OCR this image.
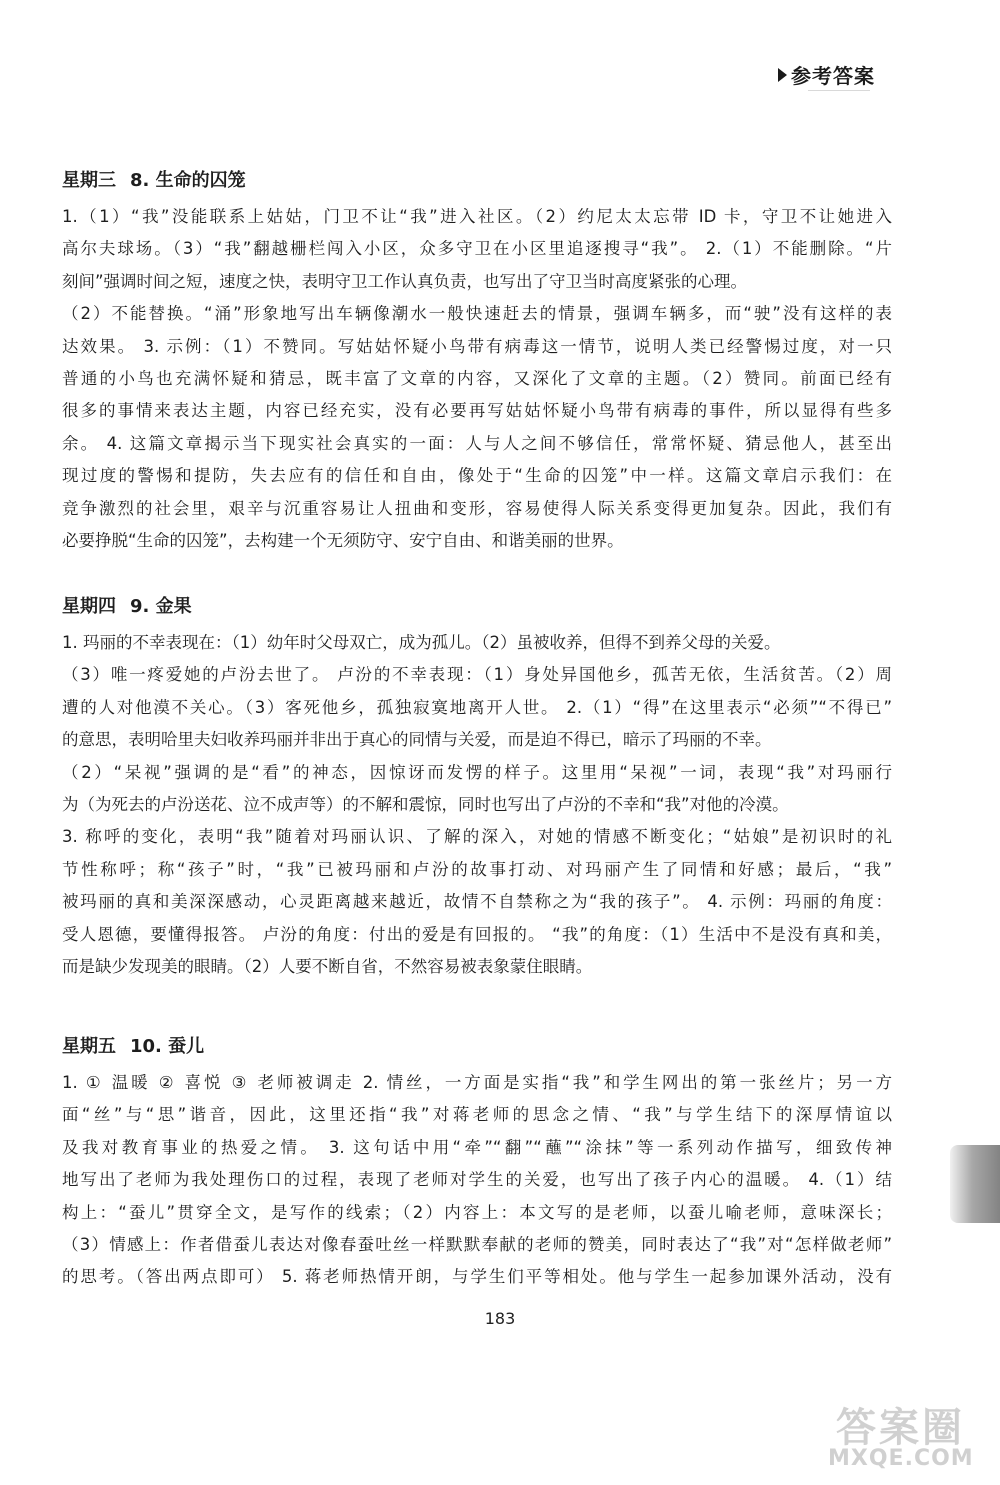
参考答案
星期三 8. 生命的囚笼
1.（1）“我”没能联系上姑姑，门卫不让“我”进入社区。（2）约尼太太忘带 ID 卡，守卫不让她进入
高尔夫球场。（3）“我”翻越栅栏闯入小区，众多守卫在小区里追逐搜寻“我”。 2.（1）不能删除。“片
刻间”强调时间之短，速度之快，表明守卫工作认真负责，也写出了守卫当时高度紧张的心理。
（2）不能替换。“涌”形象地写出车辆像潮水一般快速赶去的情景，强调车辆多，而“驶”没有这样的表
达效果。 3. 示例：（1）不赞同。写姑姑怀疑小鸟带有病毒这一情节，说明人类已经警惕过度，对一只
普通的小鸟也充满怀疑和猜忌，既丰富了文章的内容，又深化了文章的主题。（2）赞同。前面已经有
很多的事情来表达主题，内容已经充实，没有必要再写姑姑怀疑小鸟带有病毒的事件，所以显得有些多
余。 4. 这篇文章揭示当下现实社会真实的一面：人与人之间不够信任，常常怀疑、猜忌他人，甚至出
现过度的警惕和提防，失去应有的信任和自由，像处于“生命的囚笼”中一样。这篇文章启示我们：在
竞争激烈的社会里，艰辛与沉重容易让人扭曲和变形，容易使得人际关系变得更加复杂。因此，我们有
必要挣脱“生命的囚笼”，去构建一个无须防守、安宁自由、和谐美丽的世界。
星期四 9. 金果
1. 玛丽的不幸表现在：（1）幼年时父母双亡，成为孤儿。（2）虽被收养，但得不到养父母的关爱。
（3）唯一疼爱她的卢汾去世了。 卢汾的不幸表现：（1）身处异国他乡，孤苦无依，生活贫苦。（2）周
遭的人对他漠不关心。（3）客死他乡，孤独寂寞地离开人世。 2.（1）“得”在这里表示“必须”“不得已”
的意思，表明哈里夫妇收养玛丽并非出于真心的同情与关爱，而是迫不得已，暗示了玛丽的不幸。
（2）“呆视”强调的是“看”的神态，因惊讶而发愣的样子。这里用“呆视”一词，表现“我”对玛丽行
为（为死去的卢汾送花、泣不成声等）的不解和震惊，同时也写出了卢汾的不幸和“我”对他的冷漠。
3. 称呼的变化，表明“我”随着对玛丽认识、了解的深入，对她的情感不断变化；“姑娘”是初识时的礼
节性称呼；称“孩子”时，“我”已被玛丽和卢汾的故事打动、对玛丽产生了同情和好感；最后，“我”
被玛丽的真和美深深感动，心灵距离越来越近，故情不自禁称之为“我的孩子”。 4. 示例：玛丽的角度：
受人恩德，要懂得报答。 卢汾的角度：付出的爱是有回报的。 “我”的角度：（1）生活中不是没有真和美，
而是缺少发现美的眼睛。（2）人要不断自省，不然容易被表象蒙住眼睛。
星期五 10. 蚕儿
1. ① 温暖 ② 喜悦 ③ 老师被调走 2. 情丝，一方面是实指“我”和学生网出的第一张丝片；另一方
面“丝”与“思”谐音，因此，这里还指“我”对蒋老师的思念之情、“我”与学生结下的深厚情谊以
及我对教育事业的热爱之情。 3. 这句话中用“牵”“翻”“蘸”“涂抹”等一系列动作描写，细致传神
地写出了老师为我处理伤口的过程，表现了老师对学生的关爱，也写出了孩子内心的温暖。 4.（1）结
构上：“蚕儿”贯穿全文，是写作的线索；（2）内容上：本文写的是老师，以蚕儿喻老师，意味深长；
（3）情感上：作者借蚕儿表达对像春蚕吐丝一样默默奉献的老师的赞美，同时表达了“我”对“怎样做老师”
的思考。（答出两点即可） 5. 蒋老师热情开朗，与学生们平等相处。他与学生一起参加课外活动，没有
183
答案圈
MXQE.COM
